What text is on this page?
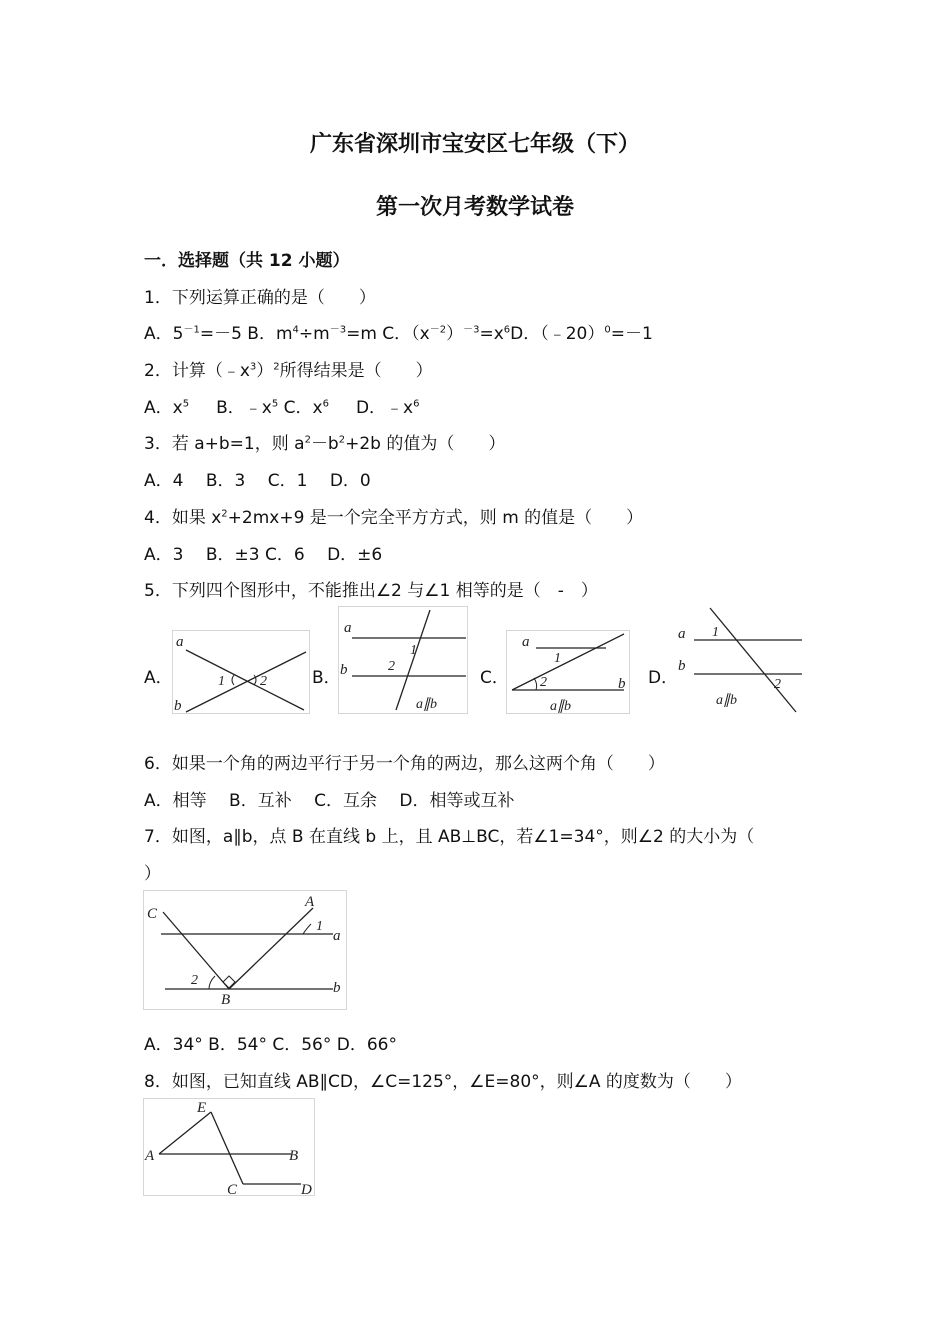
广东省深圳市宝安区七年级（下）
第一次月考数学试卷
一．选择题（共 12 小题）
1．下列运算正确的是（　　）
A．$5^{-1}=-5$ B．$m^4\div m^{-3}=m$ C．$(x^{-2})^{-3}=x^6D$．（﹣20）$^0$=－1
2．计算$(﹣x^3)^2$所得结果是（　　）
A．$x^5$ B．$﹣x^5$ C．$x^6$ D．$﹣x^6$
3．若 a+b=1，则 $a^2-b^2+2b$ 的值为（　　）
A．4　 B．3　 C．1　 D．0
4．如果 $x^2+2mx+9$ 是一个完全平方方式，则 m 的值是（　　）
A．3　 B．±3 C．6　 D．±6
5．下列四个图形中，不能推出∠2 与∠1 相等的是（　-　）
A．
a
b
1	2	B．
a
b
1
2
a∥b
C．
a
b
1
2
a∥b
D．
a
b
1
2
a∥b
6．如果一个角的两边平行于另一个角的两边，那么这两个角（　　）
A．相等　 B．互补　 C．互余　 D．相等或互补
7．如图，a∥b，点 B 在直线 b 上，且 AB⊥BC，若∠1=34°，则∠2 的大小为（
）
C
A
B
a
b
1
2
A．34° B．54° C．56° D．66°
8．如图，已知直线 AB∥CD，∠C=125°，∠E=80°，则∠A 的度数为（　　）
E
A	B
C	D
